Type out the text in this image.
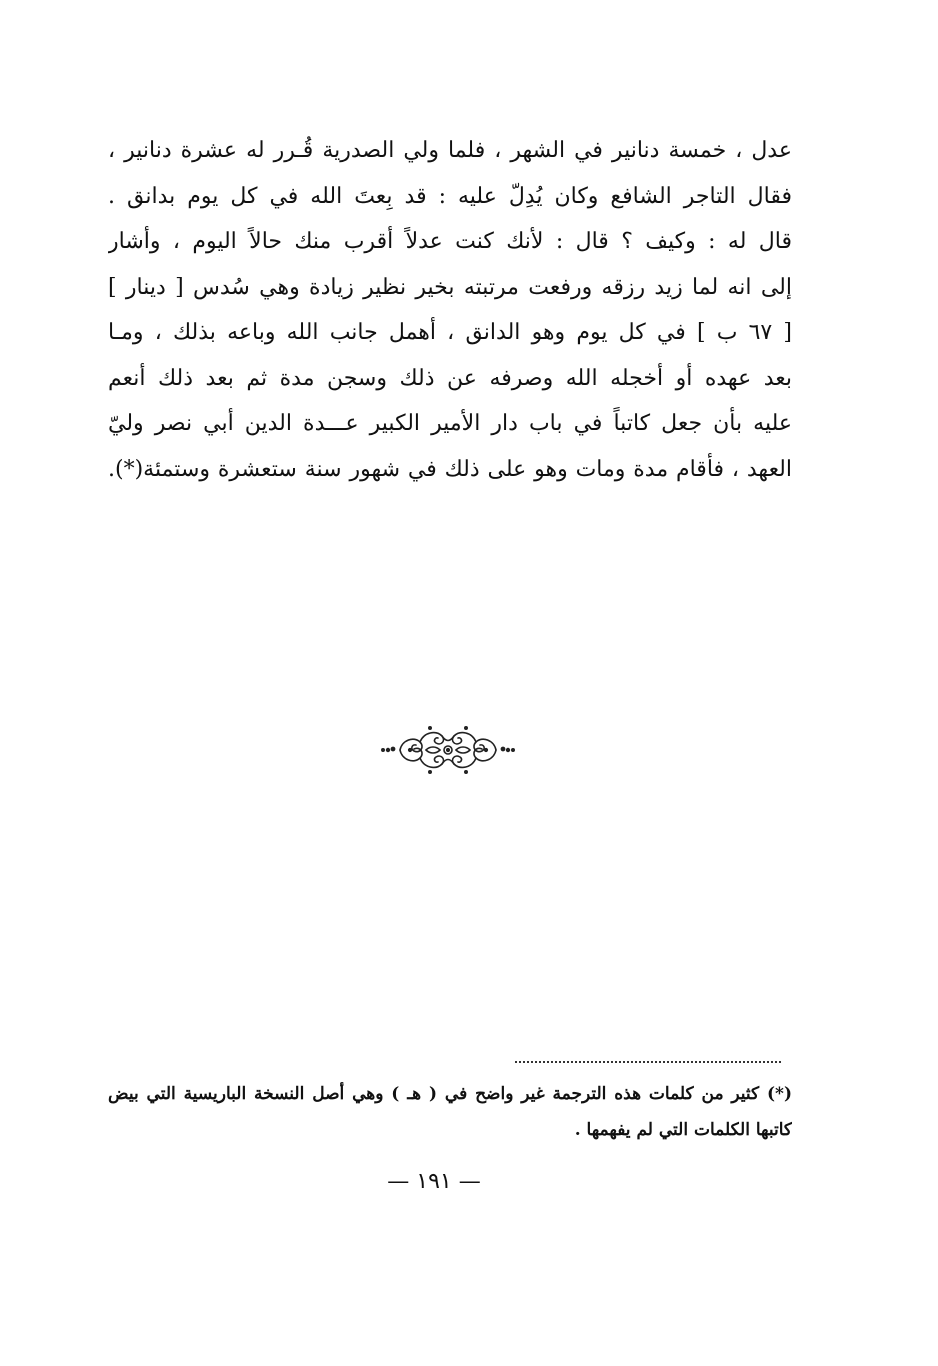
عدل ، خمسة دنانير في الشهر ، فلما ولي الصدرية قُـرر له عشرة دنانير ،
فقال التاجر الشافع وكان يُدِلّ عليه : قد بِعتَ الله في كل يوم بدانق .
قال له : وكيف ؟ قال : لأنك كنت عدلاً أقرب منك حالاً اليوم ، وأشار
إلى انه لما زيد رزقه ورفعت مرتبته بخير نظير زيادة وهي سُدس [ دينار ]
[ ٦٧ ب ] في كل يوم وهو الدانق ، أهمل جانب الله وباعه بذلك ، ومـا
بعد عهده أو أخجله الله وصرفه عن ذلك وسجن مدة ثم بعد ذلك أنعم
عليه بأن جعل كاتباً في باب دار الأمير الكبير عـــدة الدين أبي نصر وليّ
العهد ، فأقام مدة ومات وهو على ذلك في شهور سنة ستعشرة وستمئة(*).
(*) كثير من كلمات هذه الترجمة غير واضح في ( هـ ) وهي أصل النسخة الباريسية التي بيض
كاتبها الكلمات التي لم يفهمها .
— ١٩١ —
